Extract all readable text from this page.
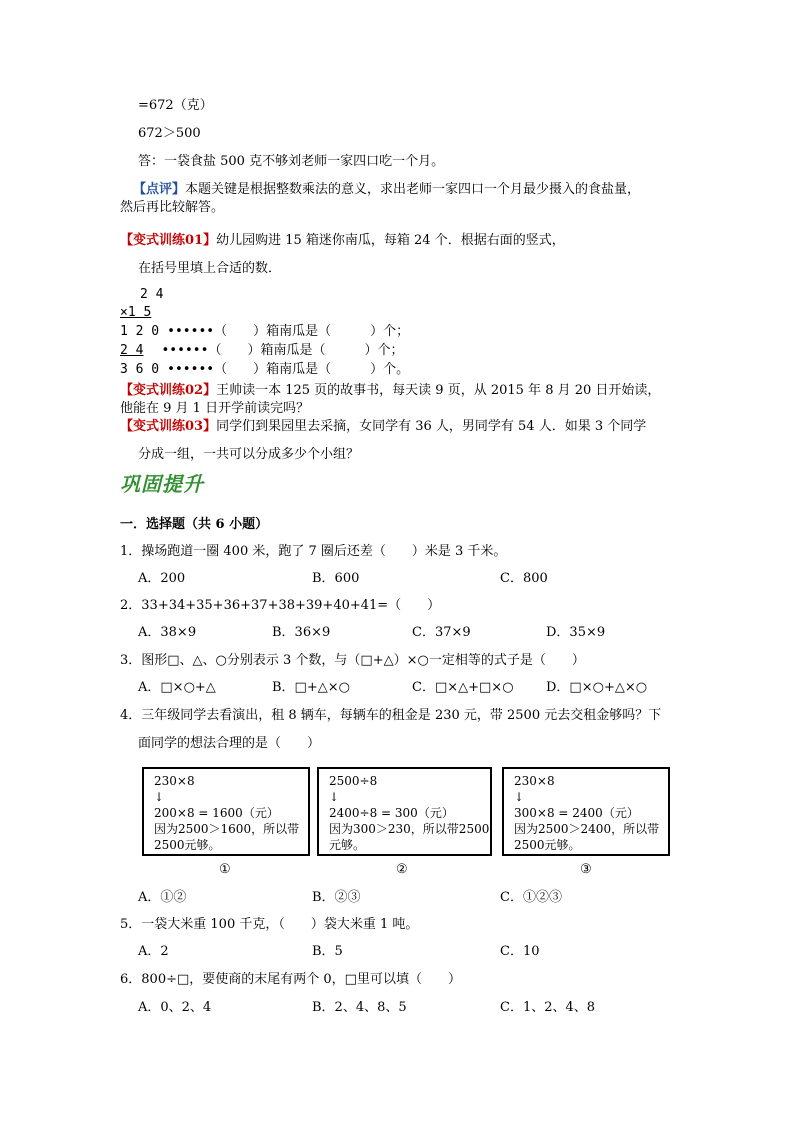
=672（克）
672＞500
答：一袋食盐 500 克不够刘老师一家四口吃一个月。
【点评】本题关键是根据整数乘法的意义，求出老师一家四口一个月最少摄入的食盐量，
然后再比较解答。
【变式训练01】幼儿园购进 15 箱迷你南瓜，每箱 24 个．根据右面的竖式，
在括号里填上合适的数．
2 4
×1 5
1 2 0 ••••••（　　）箱南瓜是（　　　）个；
2 4 ••••••（　　）箱南瓜是（　　　）个；
3 6 0 ••••••（　　）箱南瓜是（　　　）个。
【变式训练02】王帅读一本 125 页的故事书，每天读 9 页，从 2015 年 8 月 20 日开始读，
他能在 9 月 1 日开学前读完吗？
【变式训练03】同学们到果园里去采摘，女同学有 36 人，男同学有 54 人．如果 3 个同学
分成一组，一共可以分成多少个小组？
巩固提升
一．选择题（共 6 小题）
1．操场跑道一圈 400 米，跑了 7 圈后还差（　　）米是 3 千米。
A．200	B．600	C．800
2．33+34+35+36+37+38+39+40+41=（　　）
A．38×9	B．36×9	C．37×9	D．35×9
3．图形□、△、○分别表示 3 个数，与（□+△）×○一定相等的式子是（　　）
A．□×○+△	B．□+△×○	C．□×△+□×○ D．□×○+△×○
4．三年级同学去看演出，租 8 辆车，每辆车的租金是 230 元，带 2500 元去交租金够吗？下
面同学的想法合理的是（　　）
230×8
↓
200×8 = 1600（元）
因为2500＞1600，所以带
2500元够。
2500÷8
↓
2400÷8 = 300（元）
因为300＞230，所以带2500
元够。
230×8
↓
300×8 = 2400（元）
因为2500＞2400，所以带
2500元够。
①	②	③
A．①②	B．②③	C．①②③
5．一袋大米重 100 千克，（　　）袋大米重 1 吨。
A．2	B．5	C．10
6．800÷□，要使商的末尾有两个 0，□里可以填（　　）
A．0、2、4	B．2、4、8、5	C．1、2、4、8
